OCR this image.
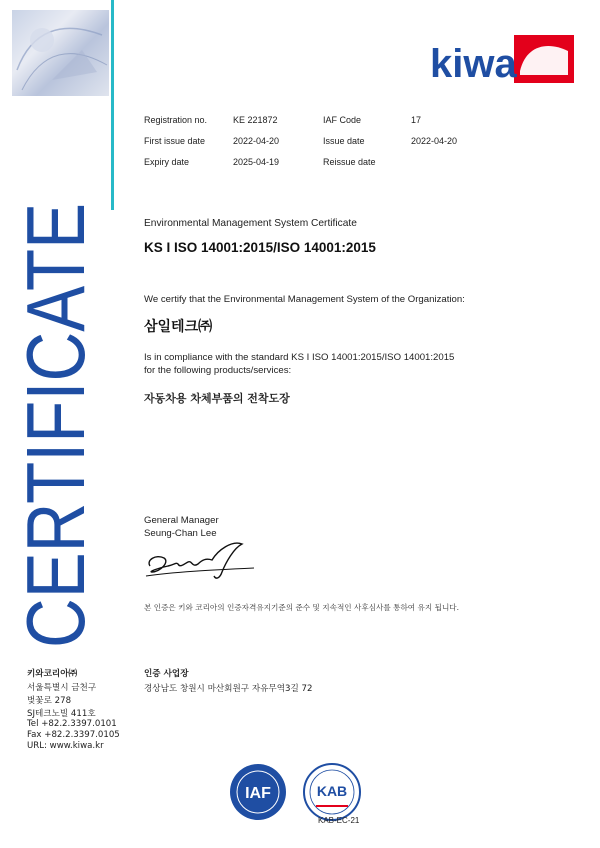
CERTIFICATE
kiwa
Registration no.	KE 221872	IAF Code	17
First issue date	2022-04-20	Issue date	2022-04-20
Expiry date	2025-04-19	Reissue date
Environmental Management System Certificate
KS I ISO 14001:2015/ISO 14001:2015
We certify that the Environmental Management System of the Organization:
삼일테크㈜
Is in compliance with the standard KS I ISO 14001:2015/ISO 14001:2015
for the following products/services:
자동차용 차체부품의 전착도장
General Manager
Seung-Chan Lee
본 인증은 키와 코리아의 인증자격유지기준의 준수 및 지속적인 사후심사를 통하여 유지 됩니다.
키와코리아㈜
서울특별시 금천구
벚꽃로 278
SJ테크노빌 411호
Tel +82.2.3397.0101
Fax +82.2.3397.0105
URL: www.kiwa.kr
인증 사업장
경상남도 창원시 마산회원구 자유무역3길 72
IAF	KAB
KAB-EC-21
